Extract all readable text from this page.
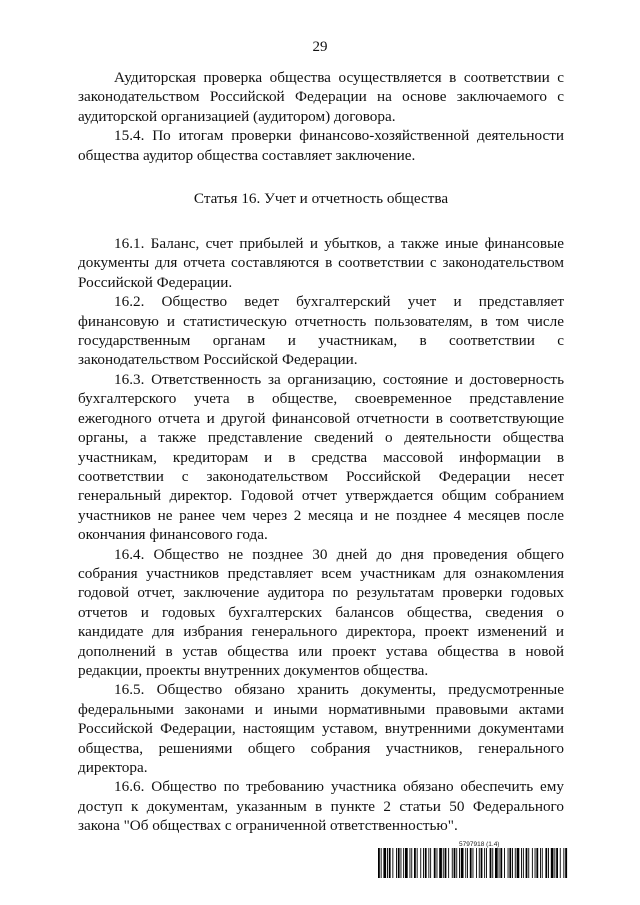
29

Аудиторская проверка общества осуществляется в соответствии с законодательством Российской Федерации на основе заключаемого с аудиторской организацией (аудитором) договора.

15.4. По итогам проверки финансово-хозяйственной деятельности общества аудитор общества составляет заключение.

Статья 16. Учет и отчетность общества

16.1. Баланс, счет прибылей и убытков, а также иные финансовые документы для отчета составляются в соответствии с законодательством Российской Федерации.

16.2. Общество ведет бухгалтерский учет и представляет финансовую и статистическую отчетность пользователям, в том числе государственным органам и участникам, в соответствии с законодательством Российской Федерации.

16.3. Ответственность за организацию, состояние и достоверность бухгалтерского учета в обществе, своевременное представление ежегодного отчета и другой финансовой отчетности в соответствующие органы, а также представление сведений о деятельности общества участникам, кредиторам и в средства массовой информации в соответствии с законодательством Российской Федерации несет генеральный директор. Годовой отчет утверждается общим собранием участников не ранее чем через 2 месяца и не позднее 4 месяцев после окончания финансового года.

16.4. Общество не позднее 30 дней до дня проведения общего собрания участников представляет всем участникам для ознакомления годовой отчет, заключение аудитора по результатам проверки годовых отчетов и годовых бухгалтерских балансов общества, сведения о кандидате для избрания генерального директора, проект изменений и дополнений в устав общества или проект устава общества в новой редакции, проекты внутренних документов общества.

16.5. Общество обязано хранить документы, предусмотренные федеральными законами и иными нормативными правовыми актами Российской Федерации, настоящим уставом, внутренними документами общества, решениями общего собрания участников, генерального директора.

16.6. Общество по требованию участника обязано обеспечить ему доступ к документам, указанным в пункте 2 статьи 50 Федерального закона "Об обществах с ограниченной ответственностью".

5797918 (1.4)
